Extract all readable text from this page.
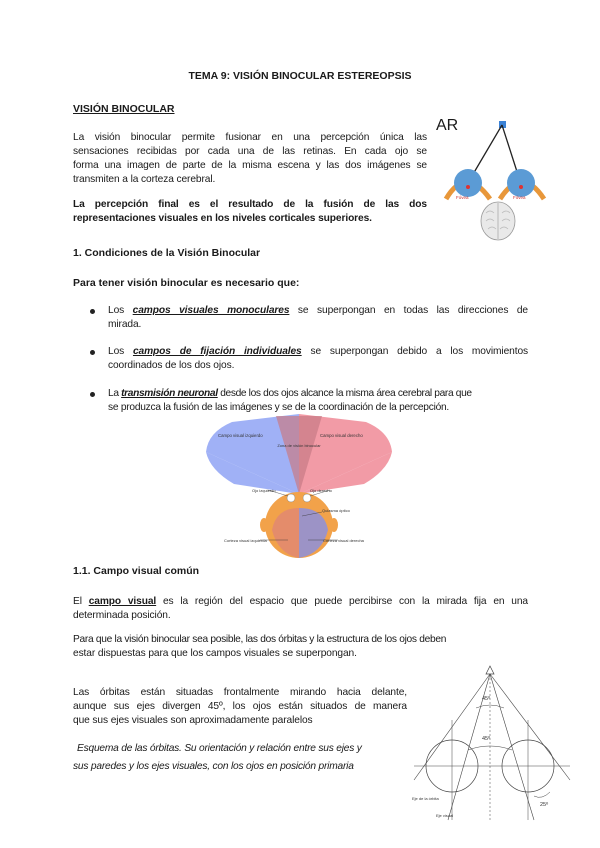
TEMA 9: VISIÓN BINOCULAR ESTEREOPSIS
VISIÓN BINOCULAR
La visión binocular permite fusionar en una percepción única las
sensaciones recibidas por cada una de las retinas. En cada ojo se
forma una imagen de parte de la misma escena y las dos imágenes se
transmiten a la corteza cerebral.
La percepción final es el resultado de la fusión de las dos
representaciones visuales en los niveles corticales superiores.
Fóvea	Fóvea
AR
1. Condiciones de la Visión Binocular
Para tener visión binocular es necesario que:
Los campos visuales monoculares se superpongan en todas las direcciones de
mirada.
Los campos de fijación individuales se superpongan debido a los movimientos
coordinados de los dos ojos.
La transmisión neuronal desde los dos ojos alcance la misma área cerebral para que
se produzca la fusión de las imágenes y se de la coordinación de la percepción.
Campo visual izquierdo	Campo visual derecho
Zona de visión binocular
Ojo izquierdo	Ojo derecho
Quiasma óptico
Corteza visual izquierda	Corteza visual derecha
1.1. Campo visual común
El campo visual es la región del espacio que puede percibirse con la mirada fija en una
determinada posición.
Para que la visión binocular sea posible, las dos órbitas y la estructura de los ojos deben
estar dispuestas para que los campos visuales se superpongan.
Las órbitas están situadas frontalmente mirando hacia delante,
aunque sus ejes divergen 45º, los ojos están situados de manera
que sus ejes visuales son aproximadamente paralelos
Esquema de las órbitas. Su orientación y relación entre sus ejes y
sus paredes y los ejes visuales, con los ojos en posición primaria
45º
45º
25º
Eje de la órbita
Eje visual
